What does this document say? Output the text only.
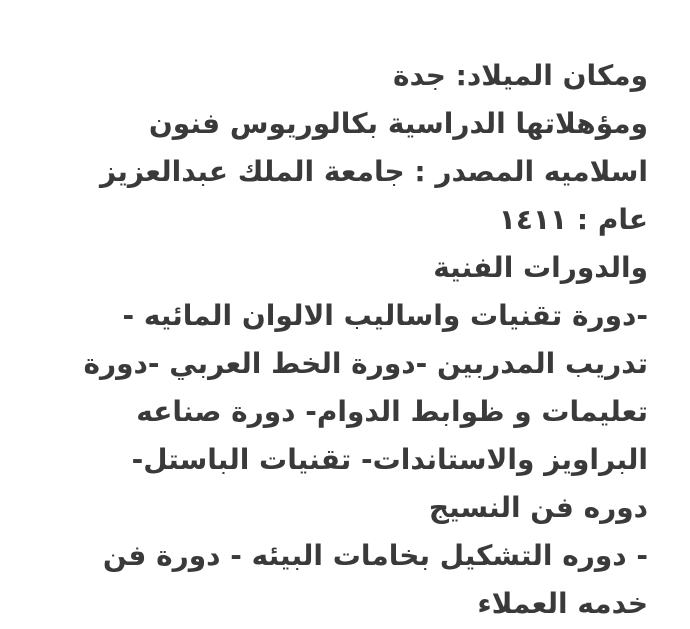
ومكان الميلاد: جدة
ومؤهلاتها الدراسية بكالوريوس فنون
اسلاميه المصدر : جامعة الملك عبدالعزيز
عام : ١٤١١
والدورات الفنية
-دورة تقنيات واساليب الالوان المائيه -
تدريب المدربين -دورة الخط العربي -دورة
تعليمات و ظوابط الدوام- دورة صناعه
البراويز والاستاندات- تقنيات الباستل-
دوره فن النسيج
- دوره التشكيل بخامات البيئه - دورة فن
خدمه العملاء
